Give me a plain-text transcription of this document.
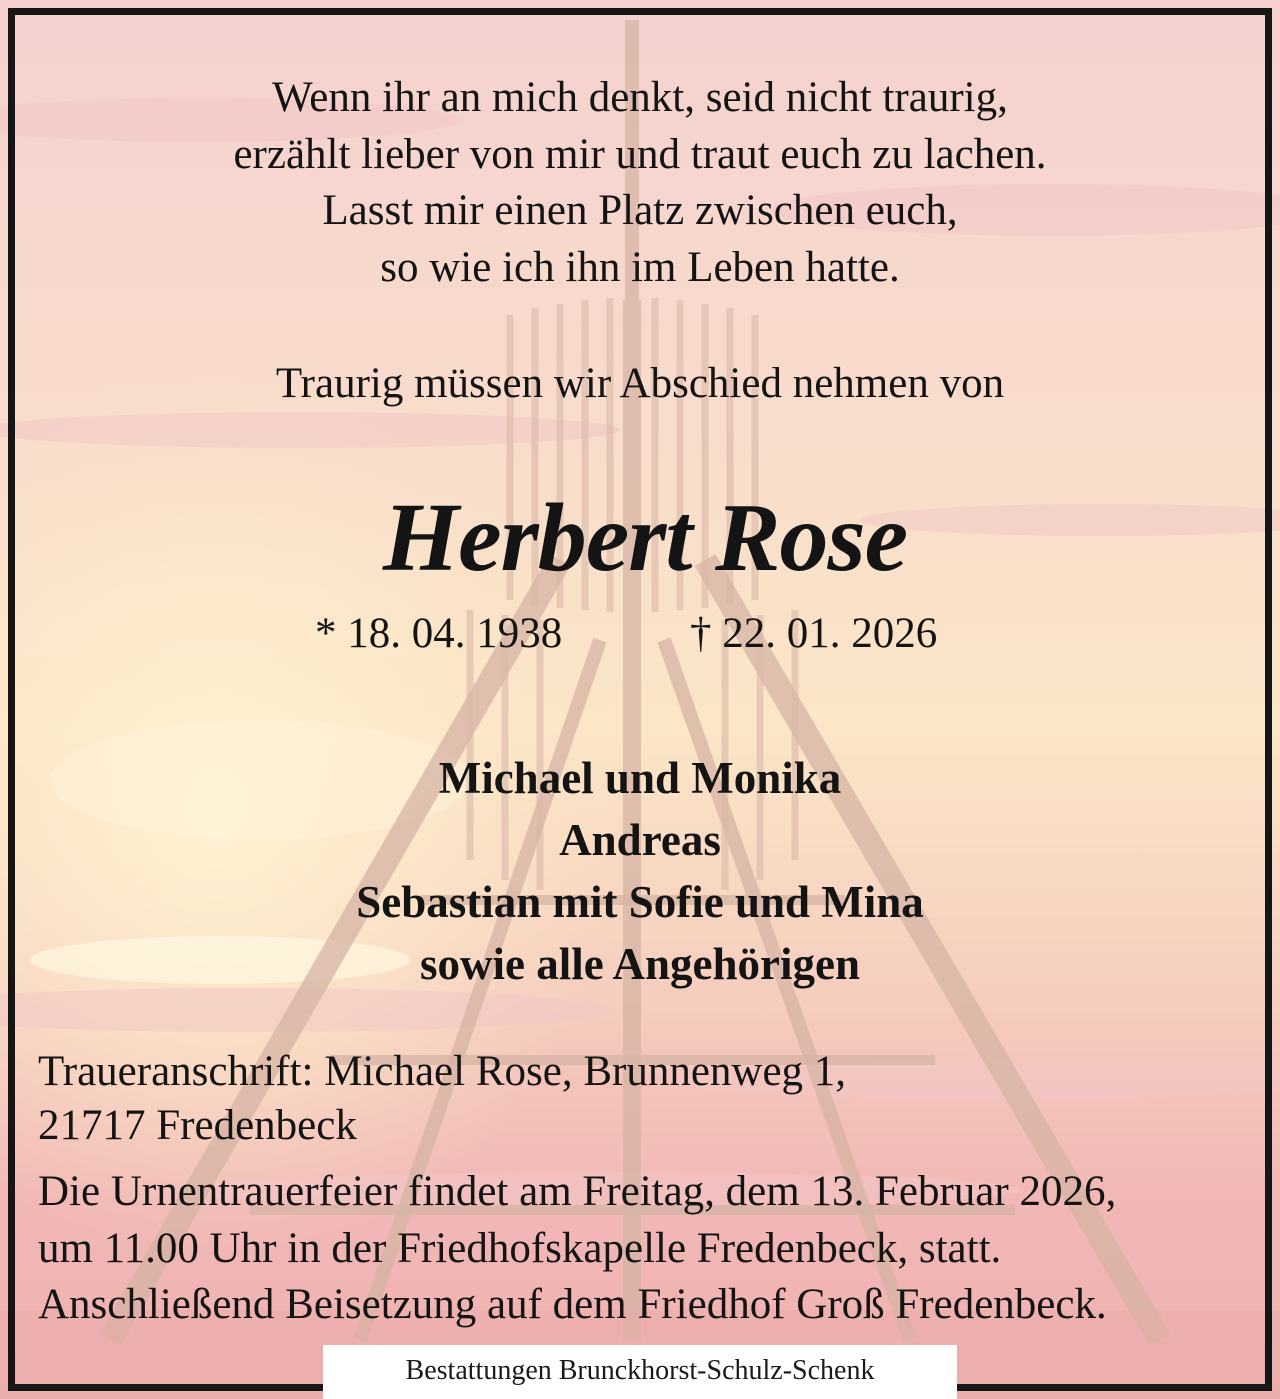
Wenn ihr an mich denkt, seid nicht traurig,
erzählt lieber von mir und traut euch zu lachen.
Lasst mir einen Platz zwischen euch,
so wie ich ihn im Leben hatte.
Traurig müssen wir Abschied nehmen von
Herbert Rose
* 18. 04. 1938	† 22. 01. 2026
Michael und Monika
Andreas
Sebastian mit Sofie und Mina
sowie alle Angehörigen
Traueranschrift: Michael Rose, Brunnenweg 1,
21717 Fredenbeck
Die Urnentrauerfeier findet am Freitag, dem 13. Februar 2026,
um 11.00 Uhr in der Friedhofskapelle Fredenbeck, statt.
Anschließend Beisetzung auf dem Friedhof Groß Fredenbeck.
Bestattungen Brunckhorst-Schulz-Schenk
